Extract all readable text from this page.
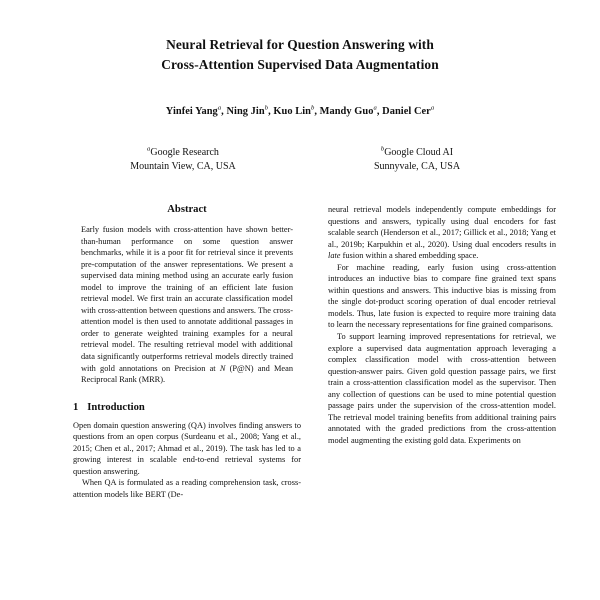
Neural Retrieval for Question Answering with
Cross-Attention Supervised Data Augmentation
Yinfei Yang$^a$, Ning Jin$^b$, Kuo Lin$^b$, Mandy Guo$^a$, Daniel Cer$^a$
$^a$Google Research
Mountain View, CA, USA
$^b$Google Cloud AI
Sunnyvale, CA, USA
Abstract

Early fusion models with cross-attention have shown better-than-human performance on some question answer benchmarks, while it is a poor fit for retrieval since it prevents pre-computation of the answer representations. We present a supervised data mining method using an accurate early fusion model to improve the training of an efficient late fusion retrieval model. We first train an accurate classification model with cross-attention between questions and answers. The cross-attention model is then used to annotate additional passages in order to generate weighted training examples for a neural retrieval model. The resulting retrieval model with additional data significantly outperforms retrieval models directly trained with gold annotations on Precision at N (P@N) and Mean Reciprocal Rank (MRR).

1 Introduction

Open domain question answering (QA) involves finding answers to questions from an open corpus (Surdeanu et al., 2008; Yang et al., 2015; Chen et al., 2017; Ahmad et al., 2019). The task has led to a growing interest in scalable end-to-end retrieval systems for question answering.

When QA is formulated as a reading comprehension task, cross-attention models like BERT (De-

neural retrieval models independently compute embeddings for questions and answers, typically using dual encoders for fast scalable search (Henderson et al., 2017; Gillick et al., 2018; Yang et al., 2019b; Karpukhin et al., 2020). Using dual encoders results in late fusion within a shared embedding space.

For machine reading, early fusion using cross-attention introduces an inductive bias to compare fine grained text spans within questions and answers. This inductive bias is missing from the single dot-product scoring operation of dual encoder retrieval models. Thus, late fusion is expected to require more training data to learn the necessary representations for fine grained comparisons.

To support learning improved representations for retrieval, we explore a supervised data augmentation approach leveraging a complex classification model with cross-attention between question-answer pairs. Given gold question passage pairs, we first train a cross-attention classification model as the supervisor. Then any collection of questions can be used to mine potential question passage pairs under the supervision of the cross-attention model. The retrieval model training benefits from additional training pairs annotated with the graded predictions from the cross-attention model augmenting the existing gold data. Experiments on
